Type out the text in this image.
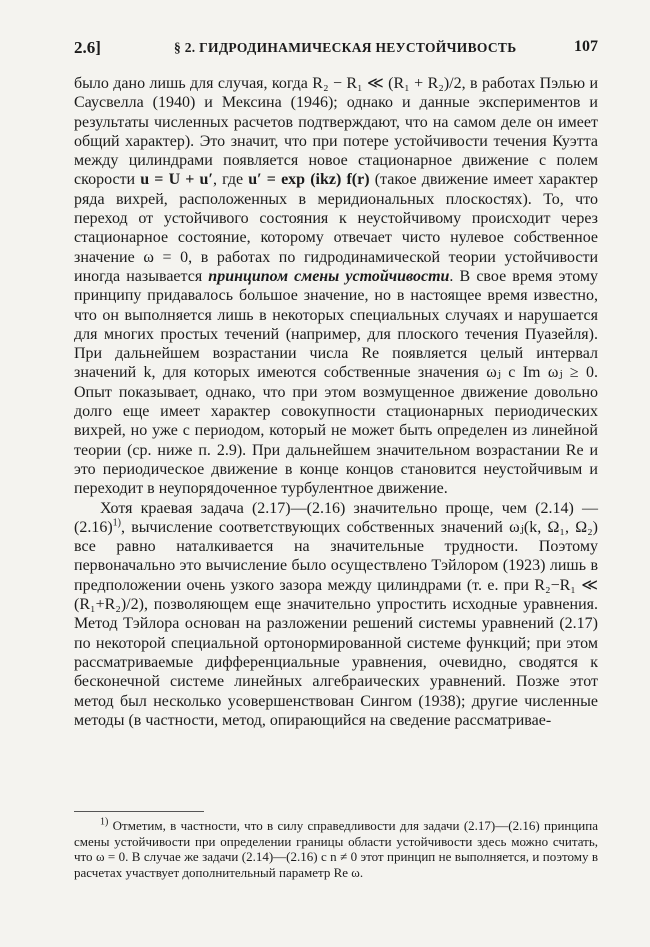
2.6]	§ 2. ГИДРОДИНАМИЧЕСКАЯ НЕУСТОЙЧИВОСТЬ	107

было дано лишь для случая, когда R₂ − R₁ ≪ (R₁ + R₂)/2, в работах Пэлью и Саусвелла (1940) и Мексина (1946); однако и данные экспериментов и результаты численных расчетов подтверждают, что на самом деле он имеет общий характер). Это значит, что при потере устойчивости течения Куэтта между цилиндрами появляется новое стационарное движение с полем скорости u = U + u′, где u′ = exp (ikz) f(r) (такое движение имеет характер ряда вихрей, расположенных в меридиональных плоскостях). То, что переход от устойчивого состояния к неустойчивому происходит через стационарное состояние, которому отвечает чисто нулевое собственное значение ω = 0, в работах по гидродинамической теории устойчивости иногда называется принципом смены устойчивости. В свое время этому принципу придавалось большое значение, но в настоящее время известно, что он выполняется лишь в некоторых специальных случаях и нарушается для многих простых течений (например, для плоского течения Пуазейля). При дальнейшем возрастании числа Re появляется целый интервал значений k, для которых имеются собственные значения ωⱼ с Im ωⱼ ≥ 0. Опыт показывает, однако, что при этом возмущенное движение довольно долго еще имеет характер совокупности стационарных периодических вихрей, но уже с периодом, который не может быть определен из линейной теории (ср. ниже п. 2.9). При дальнейшем значительном возрастании Re и это периодическое движение в конце концов становится неустойчивым и переходит в неупорядоченное турбулентное движение.

Хотя краевая задача (2.17)—(2.16) значительно проще, чем (2.14) — (2.16)$^{1)}$, вычисление соответствующих собственных значений ωⱼ(k, Ω₁, Ω₂) все равно наталкивается на значительные трудности. Поэтому первоначально это вычисление было осуществлено Тэйлором (1923) лишь в предположении очень узкого зазора между цилиндрами (т. е. при R₂−R₁ ≪ (R₁+R₂)/2), позволяющем еще значительно упростить исходные уравнения. Метод Тэйлора основан на разложении решений системы уравнений (2.17) по некоторой специальной ортонормированной системе функций; при этом рассматриваемые дифференциальные уравнения, очевидно, сводятся к бесконечной системе линейных алгебраических уравнений. Позже этот метод был несколько усовершенствован Сингом (1938); другие численные методы (в частности, метод, опирающийся на сведение рассматривае-

$^{1)}$ Отметим, в частности, что в силу справедливости для задачи (2.17)—(2.16) принципа смены устойчивости при определении границы области устойчивости здесь можно считать, что ω = 0. В случае же задачи (2.14)—(2.16) с n ≠ 0 этот принцип не выполняется, и поэтому в расчетах участвует дополнительный параметр Re ω.
